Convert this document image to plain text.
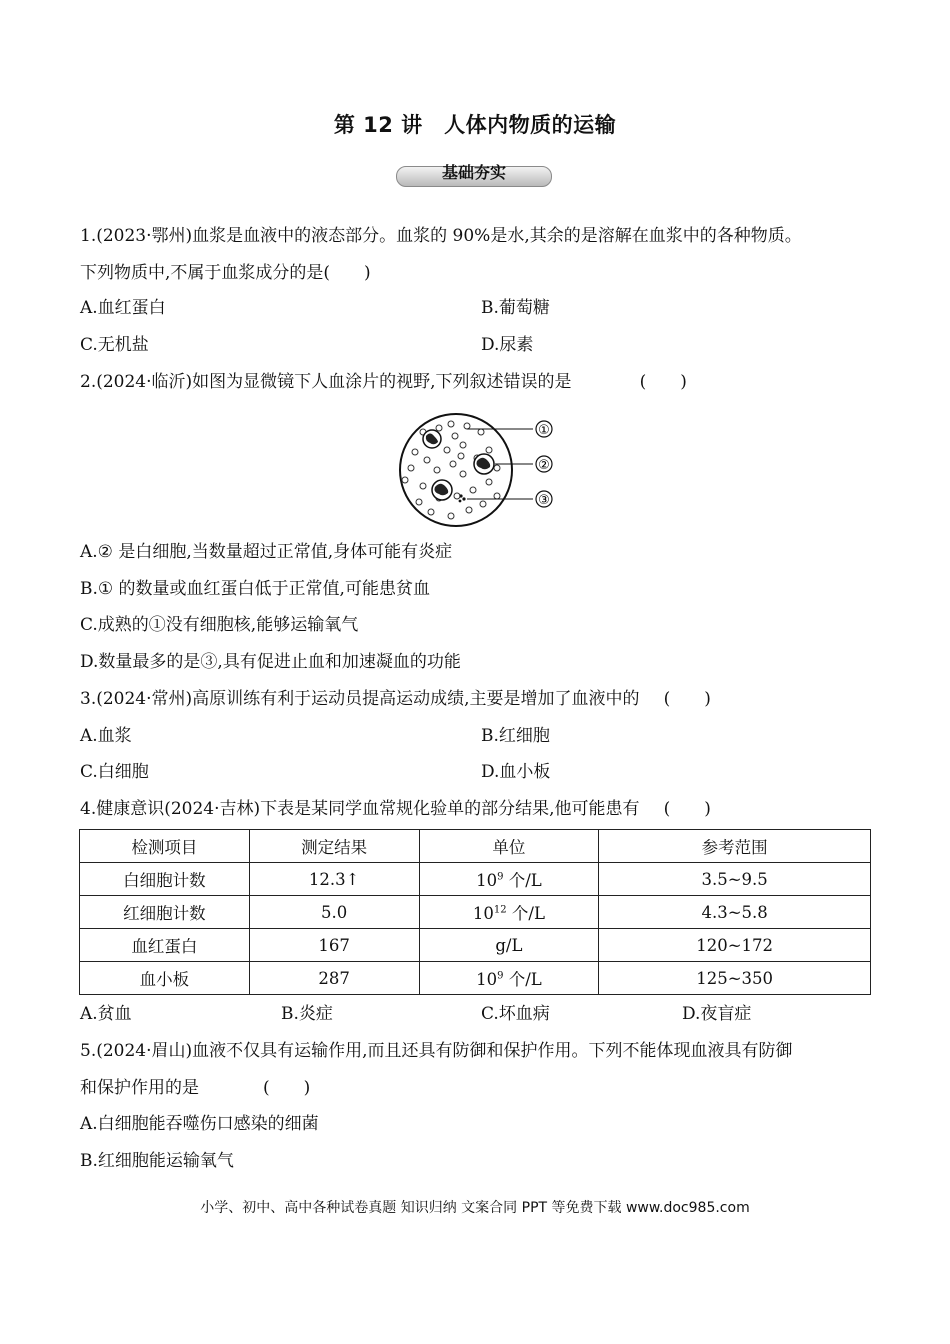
第 12 讲　人体内物质的运输
基础夯实
1.(2023·鄂州)血浆是血液中的液态部分。血浆的 90%是水,其余的是溶解在血浆中的各种物质。
下列物质中,不属于血浆成分的是(　　)
A.血红蛋白	B.葡萄糖
C.无机盐	D.尿素
2.(2024·临沂)如图为显微镜下人血涂片的视野,下列叙述错误的是	(　　)
①
②
③
A.② 是白细胞,当数量超过正常值,身体可能有炎症
B.① 的数量或血红蛋白低于正常值,可能患贫血
C.成熟的①没有细胞核,能够运输氧气
D.数量最多的是③,具有促进止血和加速凝血的功能
3.(2024·常州)高原训练有利于运动员提高运动成绩,主要是增加了血液中的 (　　)
A.血浆	B.红细胞
C.白细胞	D.血小板
4.健康意识(2024·吉林)下表是某同学血常规化验单的部分结果,他可能患有 (　　)
检测项目	测定结果	单位	参考范围
白细胞计数	12.3↑	$10^9$ 个/L	3.5~9.5
红细胞计数	5.0	$10^{12}$ 个/L	4.3~5.8
血红蛋白	167	g/L	120~172
血小板	287	$10^9$ 个/L	125~350
A.贫血	B.炎症	C.坏血病	D.夜盲症
5.(2024·眉山)血液不仅具有运输作用,而且还具有防御和保护作用。下列不能体现血液具有防御
和保护作用的是	(　　)
A.白细胞能吞噬伤口感染的细菌
B.红细胞能运输氧气
小学、初中、高中各种试卷真题 知识归纳 文案合同 PPT 等免费下载 www.doc985.com
